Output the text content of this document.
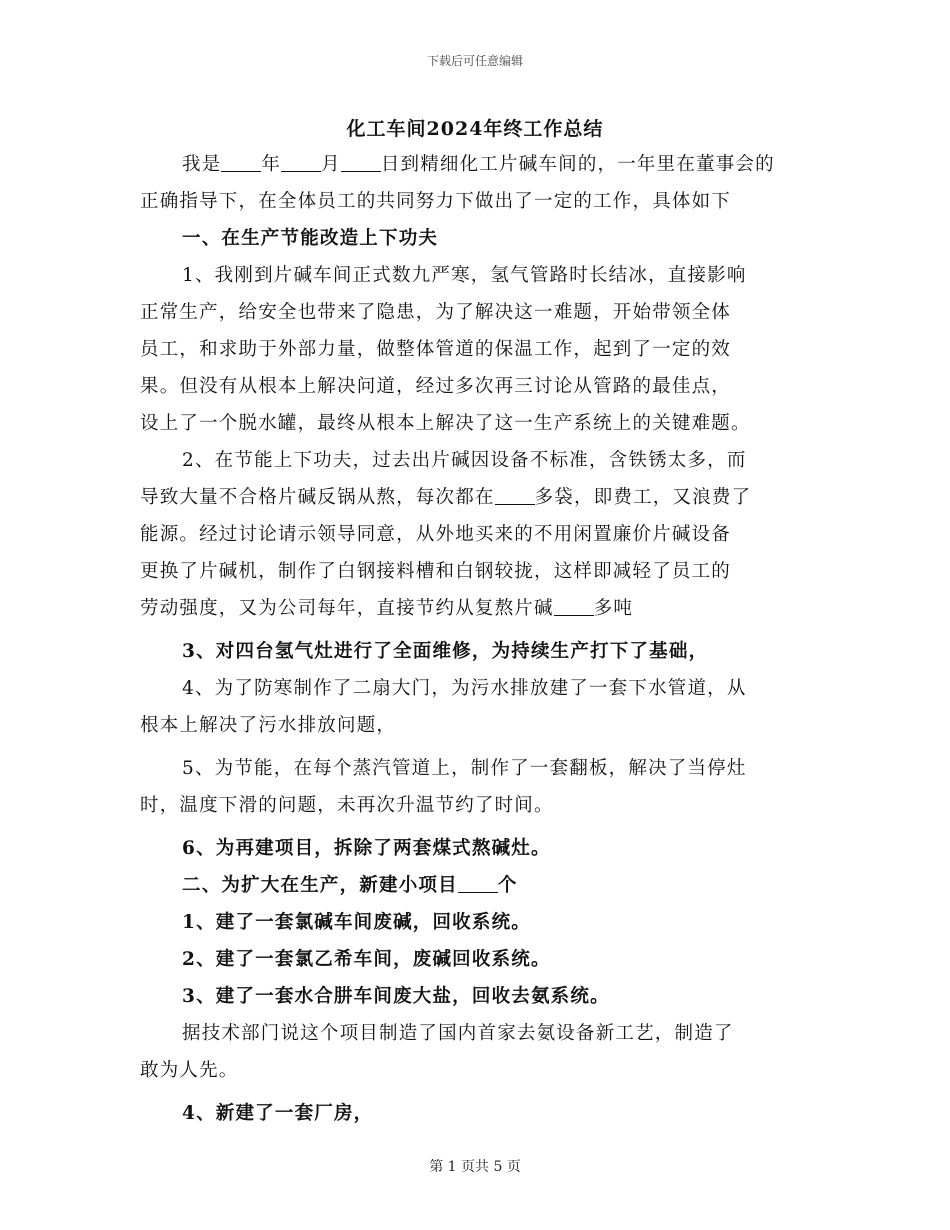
下载后可任意编辑
化工车间2024年终工作总结
我是 年 月 日到精细化工片碱车间的，一年里在董事会的
正确指导下，在全体员工的共同努力下做出了一定的工作，具体如下
一、在生产节能改造上下功夫
1、我刚到片碱车间正式数九严寒，氢气管路时长结冰，直接影响
正常生产，给安全也带来了隐患，为了解决这一难题，开始带领全体
员工，和求助于外部力量，做整体管道的保温工作，起到了一定的效
果。但没有从根本上解决问道，经过多次再三讨论从管路的最佳点，
设上了一个脱水罐，最终从根本上解决了这一生产系统上的关键难题。
2、在节能上下功夫，过去出片碱因设备不标准，含铁锈太多，而
导致大量不合格片碱反锅从熬，每次都在 多袋，即费工，又浪费了
能源。经过讨论请示领导同意，从外地买来的不用闲置廉价片碱设备
更换了片碱机，制作了白钢接料槽和白钢较拢，这样即减轻了员工的
劳动强度，又为公司每年，直接节约从复熬片碱 多吨
3、对四台氢气灶进行了全面维修，为持续生产打下了基础，
4、为了防寒制作了二扇大门，为污水排放建了一套下水管道，从
根本上解决了污水排放问题，
5、为节能，在每个蒸汽管道上，制作了一套翻板，解决了当停灶
时，温度下滑的问题，未再次升温节约了时间。
6、为再建项目，拆除了两套煤式熬碱灶。
二、为扩大在生产，新建小项目 个
1、建了一套氯碱车间废碱，回收系统。
2、建了一套氯乙希车间，废碱回收系统。
3、建了一套水合肼车间废大盐，回收去氨系统。
据技术部门说这个项目制造了国内首家去氨设备新工艺，制造了
敢为人先。
4、新建了一套厂房，
第 1 页共 5 页
